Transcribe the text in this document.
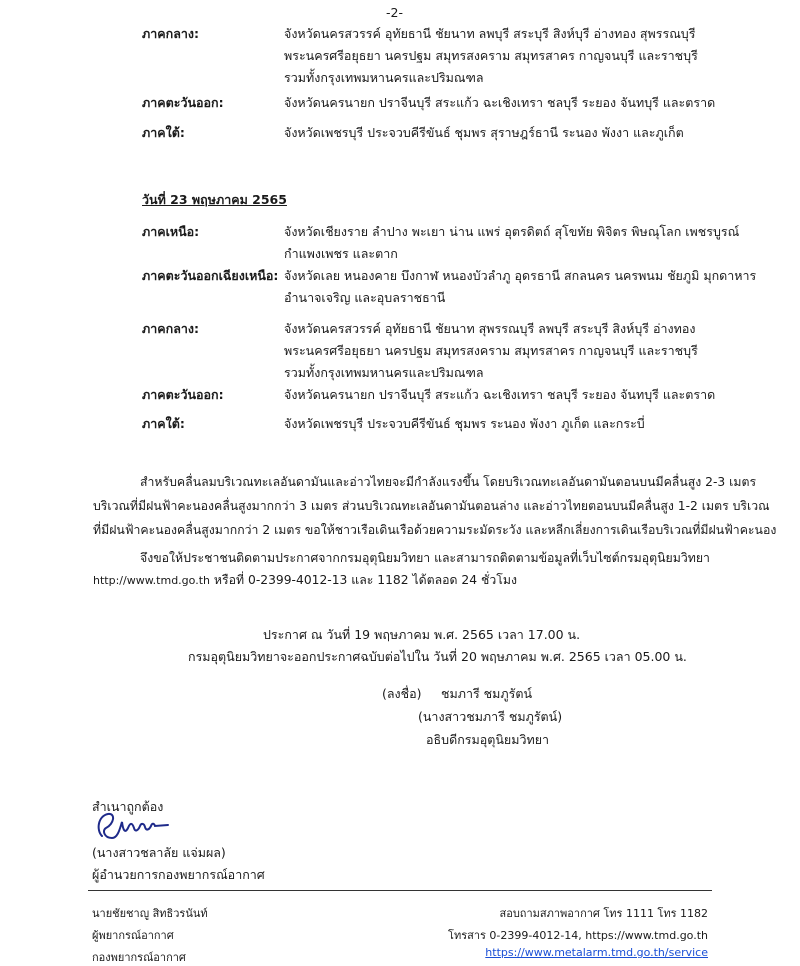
-2-
ภาคกลาง:	จังหวัดนครสวรรค์ อุทัยธานี ชัยนาท ลพบุรี สระบุรี สิงห์บุรี อ่างทอง สุพรรณบุรี
พระนครศรีอยุธยา นครปฐม สมุทรสงคราม สมุทรสาคร กาญจนบุรี และราชบุรี
รวมทั้งกรุงเทพมหานครและปริมณฑล
ภาคตะวันออก:	จังหวัดนครนายก ปราจีนบุรี สระแก้ว ฉะเชิงเทรา ชลบุรี ระยอง จันทบุรี และตราด
ภาคใต้:	จังหวัดเพชรบุรี ประจวบคีรีขันธ์ ชุมพร สุราษฎร์ธานี ระนอง พังงา และภูเก็ต
วันที่ 23 พฤษภาคม 2565
ภาคเหนือ:	จังหวัดเชียงราย ลำปาง พะเยา น่าน แพร่ อุตรดิตถ์ สุโขทัย พิจิตร พิษณุโลก เพชรบูรณ์
กำแพงเพชร และตาก
ภาคตะวันออกเฉียงเหนือ: จังหวัดเลย หนองคาย บึงกาฬ หนองบัวลำภู อุดรธานี สกลนคร นครพนม ชัยภูมิ มุกดาหาร
อำนาจเจริญ และอุบลราชธานี
ภาคกลาง:	จังหวัดนครสวรรค์ อุทัยธานี ชัยนาท สุพรรณบุรี ลพบุรี สระบุรี สิงห์บุรี อ่างทอง
พระนครศรีอยุธยา นครปฐม สมุทรสงคราม สมุทรสาคร กาญจนบุรี และราชบุรี
รวมทั้งกรุงเทพมหานครและปริมณฑล
ภาคตะวันออก:	จังหวัดนครนายก ปราจีนบุรี สระแก้ว ฉะเชิงเทรา ชลบุรี ระยอง จันทบุรี และตราด
ภาคใต้:	จังหวัดเพชรบุรี ประจวบคีรีขันธ์ ชุมพร ระนอง พังงา ภูเก็ต และกระบี่
สำหรับคลื่นลมบริเวณทะเลอันดามันและอ่าวไทยจะมีกำลังแรงขึ้น โดยบริเวณทะเลอันดามันตอนบนมีคลื่นสูง 2-3 เมตร
บริเวณที่มีฝนฟ้าคะนองคลื่นสูงมากกว่า 3 เมตร ส่วนบริเวณทะเลอันดามันตอนล่าง และอ่าวไทยตอนบนมีคลื่นสูง 1-2 เมตร บริเวณ
ที่มีฝนฟ้าคะนองคลื่นสูงมากกว่า 2 เมตร ขอให้ชาวเรือเดินเรือด้วยความระมัดระวัง และหลีกเลี่ยงการเดินเรือบริเวณที่มีฝนฟ้าคะนอง
จึงขอให้ประชาชนติดตามประกาศจากกรมอุตุนิยมวิทยา และสามารถติดตามข้อมูลที่เว็บไซต์กรมอุตุนิยมวิทยา
http://www.tmd.go.th หรือที่ 0-2399-4012-13 และ 1182 ได้ตลอด 24 ชั่วโมง
ประกาศ ณ วันที่ 19 พฤษภาคม พ.ศ. 2565 เวลา 17.00 น.
กรมอุตุนิยมวิทยาจะออกประกาศฉบับต่อไปใน วันที่ 20 พฤษภาคม พ.ศ. 2565 เวลา 05.00 น.
(ลงชื่อ) ชมภารี ชมภูรัตน์
(นางสาวชมภารี ชมภูรัตน์)
อธิบดีกรมอุตุนิยมวิทยา
สำเนาถูกต้อง
(นางสาวชลาลัย แจ่มผล)
ผู้อำนวยการกองพยากรณ์อากาศ
นายชัยชาญู สิทธิวรนันท์
ผู้พยากรณ์อากาศ
กองพยากรณ์อากาศ
สอบถามสภาพอากาศ โทร 1111 โทร 1182
โทรสาร 0-2399-4012-14, https://www.tmd.go.th
https://www.metalarm.tmd.go.th/service
